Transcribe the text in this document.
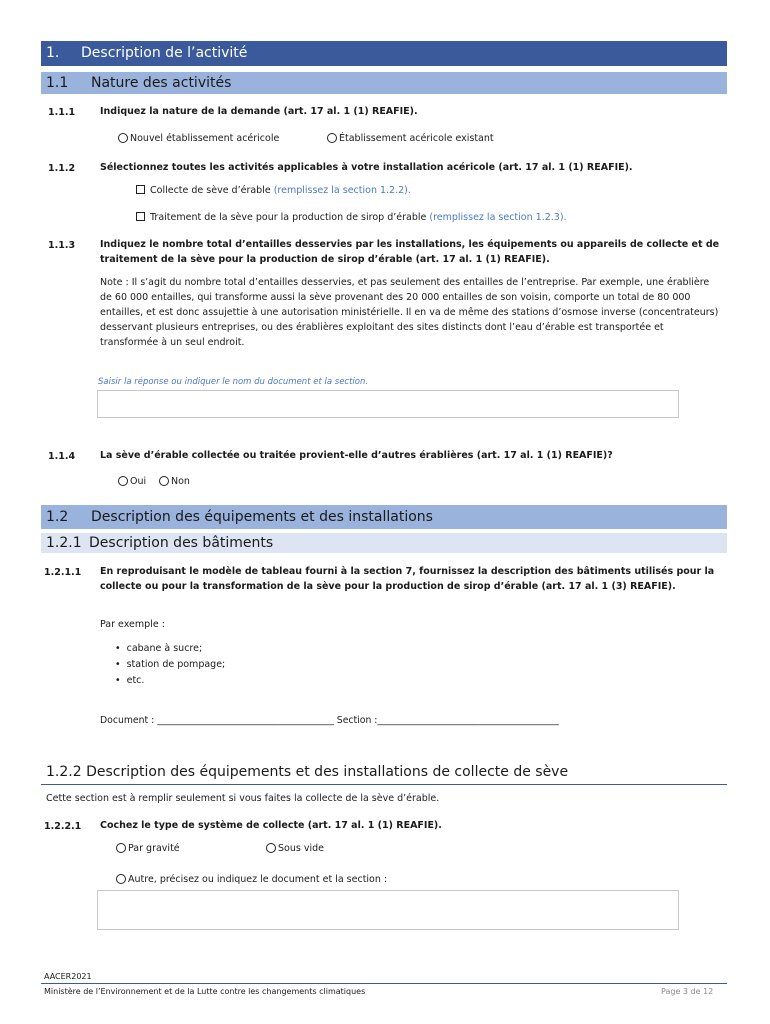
1. Description de l’activité
1.1 Nature des activités
1.1.1	Indiquez la nature de la demande (art. 17 al. 1 (1) REAFIE).
Nouvel établissement acéricole	Établissement acéricole existant
1.1.2	Sélectionnez toutes les activités applicables à votre installation acéricole (art. 17 al. 1 (1) REAFIE).
Collecte de sève d’érable (remplissez la section 1.2.2).
Traitement de la sève pour la production de sirop d’érable (remplissez la section 1.2.3).
1.1.3	Indiquez le nombre total d’entailles desservies par les installations, les équipements ou appareils de collecte et de traitement de la sève pour la production de sirop d’érable (art. 17 al. 1 (1) REAFIE).
Note : Il s’agit du nombre total d’entailles desservies, et pas seulement des entailles de l’entreprise. Par exemple, une érablière de 60 000 entailles, qui transforme aussi la sève provenant des 20 000 entailles de son voisin, comporte un total de 80 000 entailles, et est donc assujettie à une autorisation ministérielle. Il en va de même des stations d’osmose inverse (concentrateurs) desservant plusieurs entreprises, ou des érablières exploitant des sites distincts dont l’eau d’érable est transportée et transformée à un seul endroit.
Saisir la réponse ou indiquer le nom du document et la section.
1.1.4	La sève d’érable collectée ou traitée provient-elle d’autres érablières (art. 17 al. 1 (1) REAFIE)?
Oui	Non
1.2 Description des équipements et des installations
1.2.1 Description des bâtiments
1.2.1.1 En reproduisant le modèle de tableau fourni à la section 7, fournissez la description des bâtiments utilisés pour la collecte ou pour la transformation de la sève pour la production de sirop d’érable (art. 17 al. 1 (3) REAFIE).
Par exemple :
• cabane à sucre;
• station de pompage;
• etc.
Document : ______________________________________ Section :_______________________________________
1.2.2 Description des équipements et des installations de collecte de sève
Cette section est à remplir seulement si vous faites la collecte de la sève d’érable.
1.2.2.1 Cochez le type de système de collecte (art. 17 al. 1 (1) REAFIE).
Par gravité	Sous vide
Autre, précisez ou indiquez le document et la section :
AACER2021
Ministère de l’Environnement et de la Lutte contre les changements climatiques	Page 3 de 12
